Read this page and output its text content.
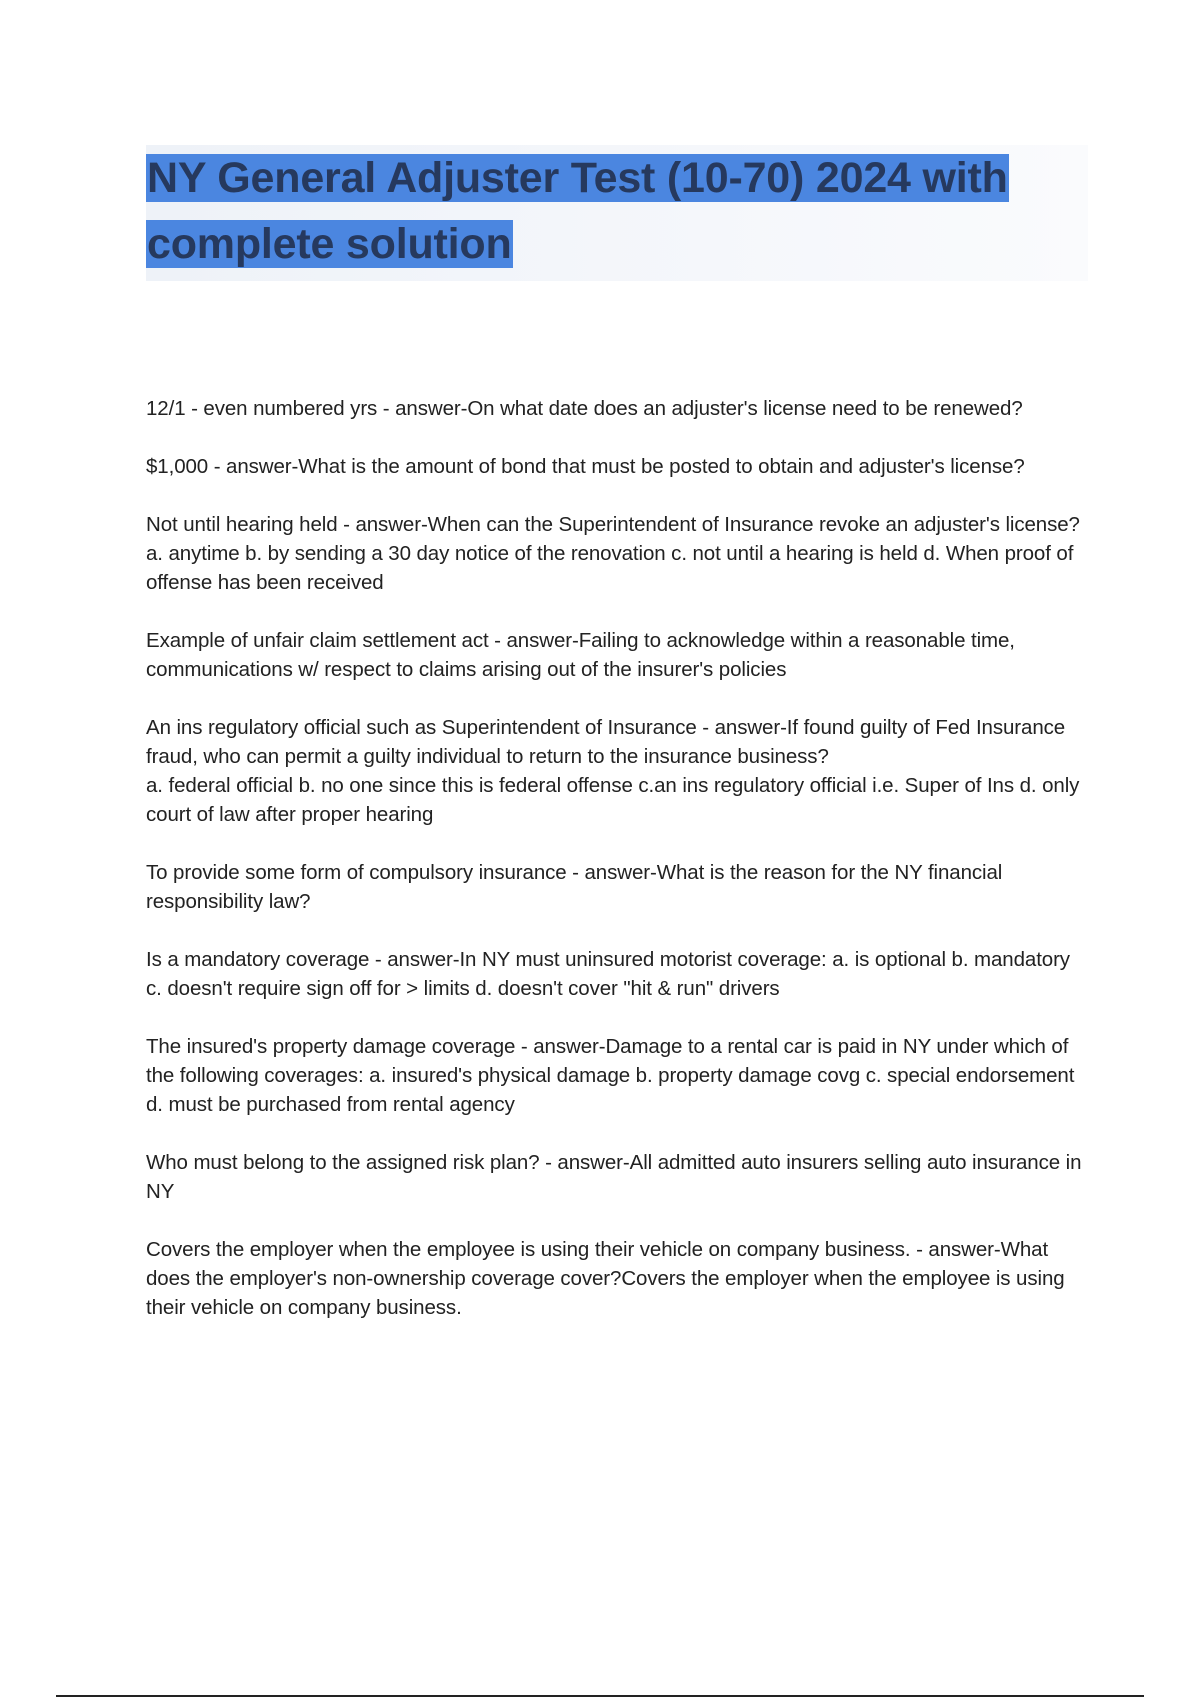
NY General Adjuster Test (10-70) 2024 with complete solution

12/1 - even numbered yrs - answer-On what date does an adjuster's license need to be renewed?

$1,000 - answer-What is the amount of bond that must be posted to obtain and adjuster's license?

Not until hearing held - answer-When can the Superintendent of Insurance revoke an adjuster's license?
a. anytime b. by sending a 30 day notice of the renovation c. not until a hearing is held d. When proof of offense has been received

Example of unfair claim settlement act - answer-Failing to acknowledge within a reasonable time, communications w/ respect to claims arising out of the insurer's policies

An ins regulatory official such as Superintendent of Insurance - answer-If found guilty of Fed Insurance fraud, who can permit a guilty individual to return to the insurance business?
a. federal official b. no one since this is federal offense c.an ins regulatory official i.e. Super of Ins d. only court of law after proper hearing

To provide some form of compulsory insurance - answer-What is the reason for the NY financial responsibility law?

Is a mandatory coverage - answer-In NY must uninsured motorist coverage: a. is optional b. mandatory c. doesn't require sign off for > limits d. doesn't cover "hit & run" drivers

The insured's property damage coverage - answer-Damage to a rental car is paid in NY under which of the following coverages: a. insured's physical damage b. property damage covg c. special endorsement d. must be purchased from rental agency

Who must belong to the assigned risk plan? - answer-All admitted auto insurers selling auto insurance in NY

Covers the employer when the employee is using their vehicle on company business. - answer-What does the employer's non-ownership coverage cover?Covers the employer when the employee is using their vehicle on company business.
